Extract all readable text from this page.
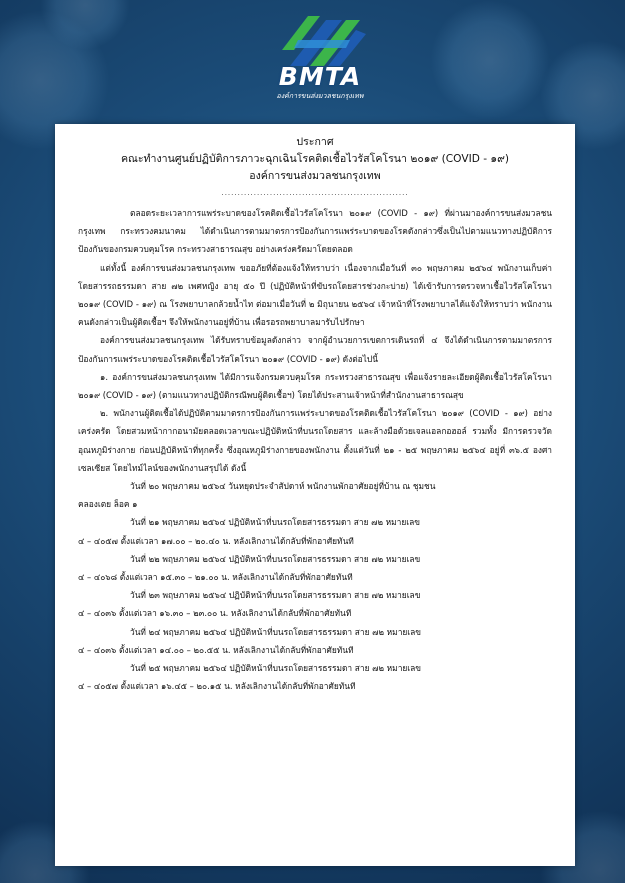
BMTA
องค์การขนส่งมวลชนกรุงเทพ
ประกาศ
คณะทำงานศูนย์ปฏิบัติการภาวะฉุกเฉินโรคติดเชื้อไวรัสโคโรนา ๒๐๑๙ (COVID - ๑๙)
องค์การขนส่งมวลชนกรุงเทพ
..........................................................
ตลอดระยะเวลาการแพร่ระบาดของโรคติดเชื้อไวรัสโคโรนา ๒๐๑๙ (COVID - ๑๙) ที่ผ่านมาองค์การขนส่งมวลชนกรุงเทพ กระทรวงคมนาคม ได้ดำเนินการตามมาตรการป้องกันการแพร่ระบาดของโรคดังกล่าวซึ่งเป็นไปตามแนวทางปฏิบัติการป้องกันของกรมควบคุมโรค กระทรวงสาธารณสุข อย่างเคร่งครัดมาโดยตลอด
แต่ทั้งนี้ องค์การขนส่งมวลชนกรุงเทพ ขออภัยที่ต้องแจ้งให้ทราบว่า เนื่องจากเมื่อวันที่ ๓๐ พฤษภาคม ๒๕๖๔ พนักงานเก็บค่าโดยสารรถธรรมดา สาย ๗๒ เพศหญิง อายุ ๕๐ ปี (ปฏิบัติหน้าที่ขับรถโดยสารช่วงกะบ่าย) ได้เข้ารับการตรวจหาเชื้อไวรัสโคโรนา ๒๐๑๙ (COVID - ๑๙) ณ โรงพยาบาลกล้วยน้ำไท ต่อมาเมื่อวันที่ ๒ มิถุนายน ๒๕๖๔ เจ้าหน้าที่โรงพยาบาลได้แจ้งให้ทราบว่า พนักงานคนดังกล่าวเป็นผู้ติดเชื้อฯ จึงให้พนักงานอยู่ที่บ้าน เพื่อรอรถพยาบาลมารับไปรักษา
องค์การขนส่งมวลชนกรุงเทพ ได้รับทราบข้อมูลดังกล่าว จากผู้อำนวยการเขตการเดินรถที่ ๔ จึงได้ดำเนินการตามมาตรการป้องกันการแพร่ระบาดของโรคติดเชื้อไวรัสโคโรนา ๒๐๑๙ (COVID - ๑๙) ดังต่อไปนี้
๑. องค์การขนส่งมวลชนกรุงเทพ ได้มีการแจ้งกรมควบคุมโรค กระทรวงสาธารณสุข เพื่อแจ้งรายละเอียดผู้ติดเชื้อไวรัสโคโรนา ๒๐๑๙ (COVID - ๑๙) (ตามแนวทางปฏิบัติกรณีพบผู้ติดเชื้อฯ) โดยได้ประสานเจ้าหน้าที่สำนักงานสาธารณสุข
๒. พนักงานผู้ติดเชื้อได้ปฏิบัติตามมาตรการป้องกันการแพร่ระบาดของโรคติดเชื้อไวรัสโคโรนา ๒๐๑๙ (COVID - ๑๙) อย่างเคร่งครัด โดยสวมหน้ากากอนามัยตลอดเวลาขณะปฏิบัติหน้าที่บนรถโดยสาร และล้างมือด้วยเจลแอลกอฮอล์ รวมทั้ง มีการตรวจวัดอุณหภูมิร่างกาย ก่อนปฏิบัติหน้าที่ทุกครั้ง ซึ่งอุณหภูมิร่างกายของพนักงาน ตั้งแต่วันที่ ๒๑ - ๒๕ พฤษภาคม ๒๕๖๔ อยู่ที่ ๓๖.๕ องศาเซลเซียส โดยไทม์ไลน์ของพนักงานสรุปได้ ดังนี้
วันที่ ๒๐ พฤษภาคม ๒๕๖๔ วันหยุดประจำสัปดาห์ พนักงานพักอาศัยอยู่ที่บ้าน ณ ชุมชน
คลองเตย ล็อค ๑
วันที่ ๒๑ พฤษภาคม ๒๕๖๔ ปฏิบัติหน้าที่บนรถโดยสารธรรมดา สาย ๗๒ หมายเลข
๔ – ๔๐๕๗ ตั้งแต่เวลา ๑๗.๐๐ – ๒๐.๔๐ น. หลังเลิกงานได้กลับที่พักอาศัยทันที
วันที่ ๒๒ พฤษภาคม ๒๕๖๔ ปฏิบัติหน้าที่บนรถโดยสารธรรมดา สาย ๗๒ หมายเลข
๔ – ๔๐๖๘ ตั้งแต่เวลา ๑๕.๓๐ – ๒๑.๐๐ น. หลังเลิกงานได้กลับที่พักอาศัยทันที
วันที่ ๒๓ พฤษภาคม ๒๕๖๔ ปฏิบัติหน้าที่บนรถโดยสารธรรมดา สาย ๗๒ หมายเลข
๔ – ๔๐๓๖ ตั้งแต่เวลา ๑๖.๓๐ – ๒๓.๐๐ น. หลังเลิกงานได้กลับที่พักอาศัยทันที
วันที่ ๒๔ พฤษภาคม ๒๕๖๔ ปฏิบัติหน้าที่บนรถโดยสารธรรมดา สาย ๗๒ หมายเลข
๔ – ๔๐๓๖ ตั้งแต่เวลา ๑๔.๐๐ – ๒๐.๕๕ น. หลังเลิกงานได้กลับที่พักอาศัยทันที
วันที่ ๒๕ พฤษภาคม ๒๕๖๔ ปฏิบัติหน้าที่บนรถโดยสารธรรมดา สาย ๗๒ หมายเลข
๔ – ๔๐๕๗ ตั้งแต่เวลา ๑๖.๔๕ – ๒๐.๑๕ น. หลังเลิกงานได้กลับที่พักอาศัยทันที
